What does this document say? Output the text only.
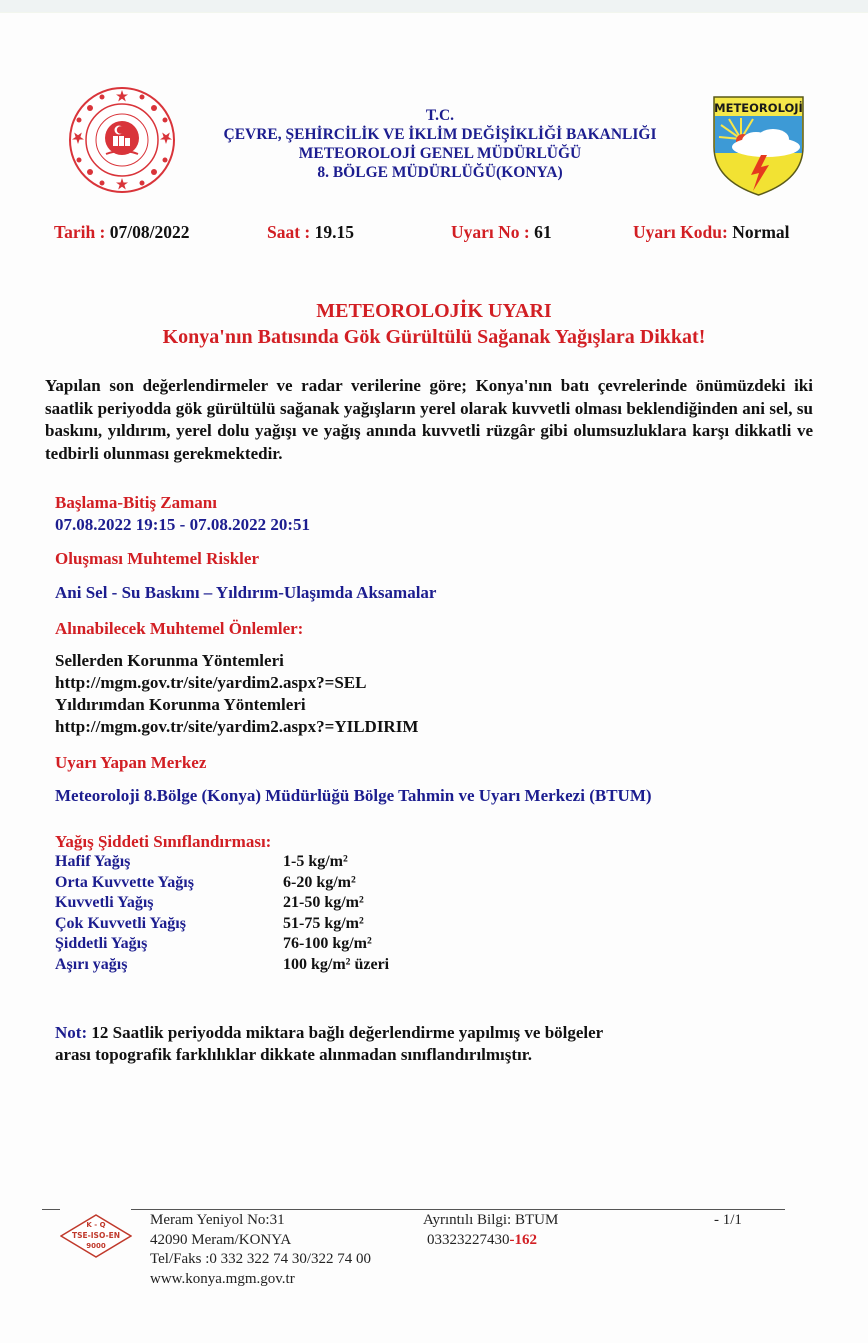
T.C.
ÇEVRE, ŞEHİRCİLİK VE İKLİM DEĞİŞİKLİĞİ BAKANLIĞI
METEOROLOJİ GENEL MÜDÜRLÜĞÜ
8. BÖLGE MÜDÜRLÜĞÜ(KONYA)
METEOROLOJİ
Tarih : 07/08/2022	Saat : 19.15	Uyarı No : 61	Uyarı Kodu: Normal
METEOROLOJİK UYARI
Konya'nın Batısında Gök Gürültülü Sağanak Yağışlara Dikkat!
Yapılan son değerlendirmeler ve radar verilerine göre; Konya'nın batı çevrelerinde önümüzdeki iki saatlik periyodda gök gürültülü sağanak yağışların yerel olarak kuvvetli olması beklendiğinden ani sel, su baskını, yıldırım, yerel dolu yağışı ve yağış anında kuvvetli rüzgâr gibi olumsuzluklara karşı dikkatli ve tedbirli olunması gerekmektedir.
Başlama-Bitiş Zamanı
07.08.2022 19:15 - 07.08.2022 20:51
Oluşması Muhtemel Riskler
Ani Sel - Su Baskını – Yıldırım-Ulaşımda Aksamalar
Alınabilecek Muhtemel Önlemler:
Sellerden Korunma Yöntemleri
http://mgm.gov.tr/site/yardim2.aspx?=SEL
Yıldırımdan Korunma Yöntemleri
http://mgm.gov.tr/site/yardim2.aspx?=YILDIRIM
Uyarı Yapan Merkez
Meteoroloji 8.Bölge (Konya) Müdürlüğü Bölge Tahmin ve Uyarı Merkezi (BTUM)
Yağış Şiddeti Sınıflandırması:
Hafif Yağış	1-5 kg/m²
Orta Kuvvette Yağış	6-20 kg/m²
Kuvvetli Yağış	21-50 kg/m²
Çok Kuvvetli Yağış	51-75 kg/m²
Şiddetli Yağış	76-100 kg/m²
Aşırı yağış	100 kg/m² üzeri
Not: 12 Saatlik periyodda miktara bağlı değerlendirme yapılmış ve bölgeler
arası topografik farklılıklar dikkate alınmadan sınıflandırılmıştır.
K - Q
TSE-ISO-EN
9000
Meram Yeniyol No:31
42090 Meram/KONYA
Tel/Faks :0 332 322 74 30/322 74 00
www.konya.mgm.gov.tr
Ayrıntılı Bilgi: BTUM
03323227430-162
- 1/1
